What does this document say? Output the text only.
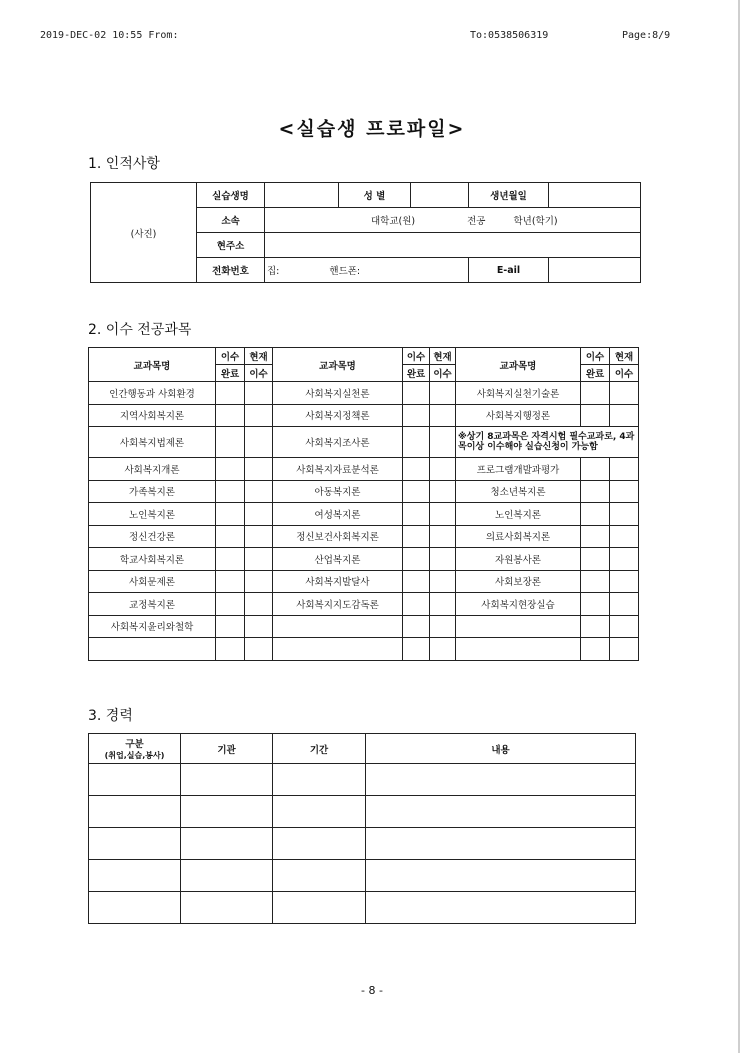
2019-DEC-02 10:55 From:	To:0538506319	Page:8/9
<실습생 프로파일>
1. 인적사항
(사진)	실습생명		성 별		생년월일	
	소속	대학교(원) 전공 학년(학기)				
	현주소					
	전화번호	집: 핸드폰:			E-ail	
2. 이수 전공과목
교과목명	이수	현재	교과목명	이수	현재	교과목명	이수	현재
	완료	이수		완료	이수		완료	이수
인간행동과 사회환경			사회복지실천론			사회복지실천기술론		
지역사회복지론			사회복지정책론			사회복지행정론		
사회복지법제론			사회복지조사론			※상기 8교과목은 자격시험 필수교과로, 4과목이상 이수해야 실습신청이 가능함		
사회복지개론			사회복지자료분석론			프로그램개발과평가		
가족복지론			아동복지론			청소년복지론		
노인복지론			여성복지론			노인복지론		
정신건강론			정신보건사회복지론			의료사회복지론		
학교사회복지론			산업복지론			자원봉사론		
사회문제론			사회복지발달사			사회보장론		
교정복지론			사회복지지도감독론			사회복지현장실습		
사회복지윤리와철학								

3. 경력
구분
(취업,실습,봉사)	기관	기간	내용

- 8 -
